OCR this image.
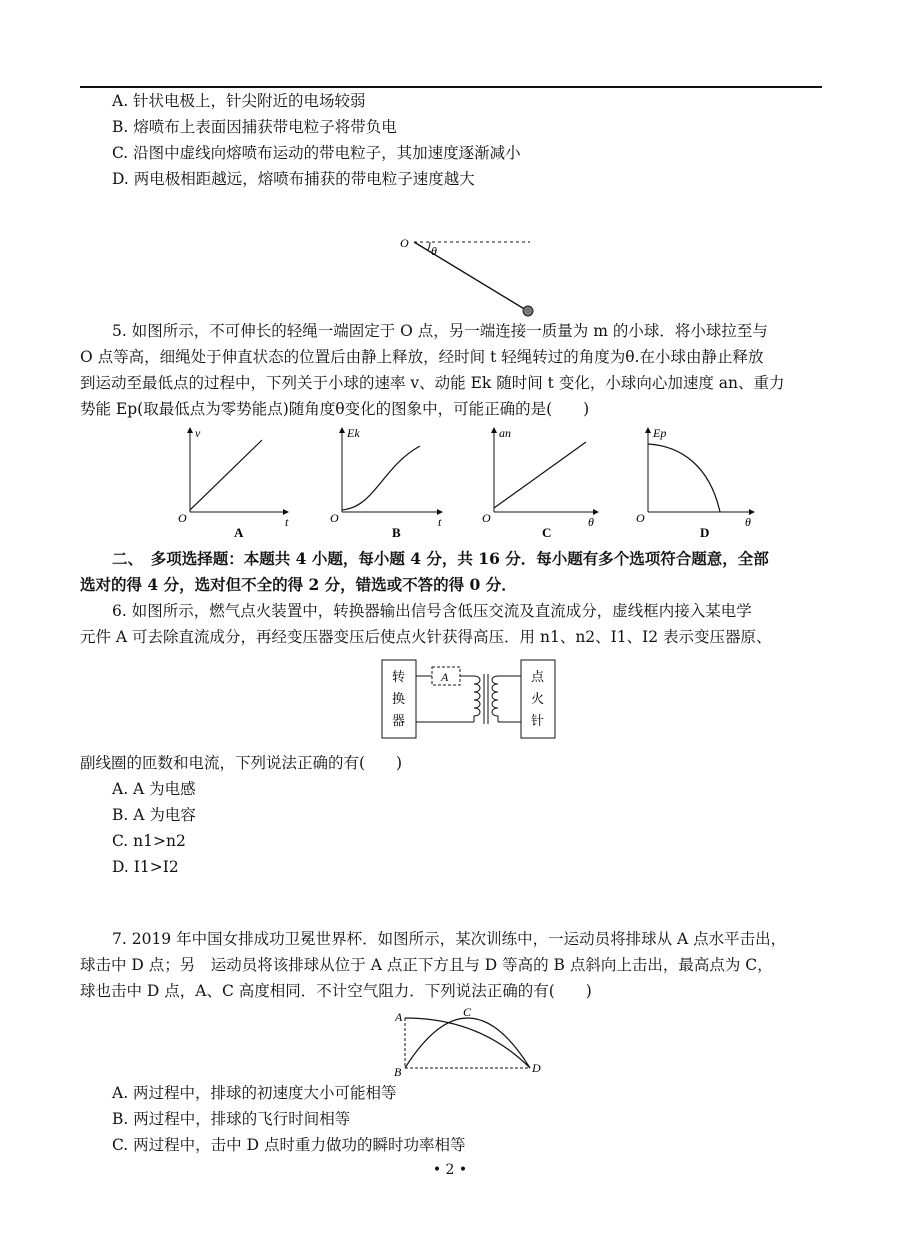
A. 针状电极上，针尖附近的电场较弱
B. 熔喷布上表面因捕获带电粒子将带负电
C. 沿图中虚线向熔喷布运动的带电粒子，其加速度逐渐减小
D. 两电极相距越远，熔喷布捕获的带电粒子速度越大
O
θ
5. 如图所示，不可伸长的轻绳一端固定于 O 点，另一端连接一质量为 m 的小球．将小球拉至与
O 点等高，细绳处于伸直状态的位置后由静上释放，经时间 t 轻绳转过的角度为θ.在小球由静止释放
到运动至最低点的过程中，下列关于小球的速率 v、动能 Ek 随时间 t 变化，小球向心加速度 an、重力
势能 Ep(取最低点为零势能点)随角度θ变化的图象中，可能正确的是(　　)
O
v
t
A
O
Ek
t
B
O
an
θ
C
O
Ep
θ
D
二、　多项选择题：本题共 4 小题，每小题 4 分，共 16 分．每小题有多个选项符合题意，全部
选对的得 4 分，选对但不全的得 2 分，错选或不答的得 0 分．
6. 如图所示，燃气点火装置中，转换器输出信号含低压交流及直流成分，虚线框内接入某电学
元件 A 可去除直流成分，再经变压器变压后使点火针获得高压．用 n1、n2、I1、I2 表示变压器原、
转
换
器
点
火
针
A
副线圈的匝数和电流，下列说法正确的有(　　)
A. A 为电感
B. A 为电容
C. n1>n2
D. I1>I2
7. 2019 年中国女排成功卫冕世界杯．如图所示，某次训练中，一运动员将排球从 A 点水平击出，
球击中 D 点；另　运动员将该排球从位于 A 点正下方且与 D 等高的 B 点斜向上击出，最高点为 C，
球也击中 D 点，A、C 高度相同．不计空气阻力．下列说法正确的有(　　)
A
B
C
D
A. 两过程中，排球的初速度大小可能相等
B. 两过程中，排球的飞行时间相等
C. 两过程中，击中 D 点时重力做功的瞬时功率相等
• 2 •
